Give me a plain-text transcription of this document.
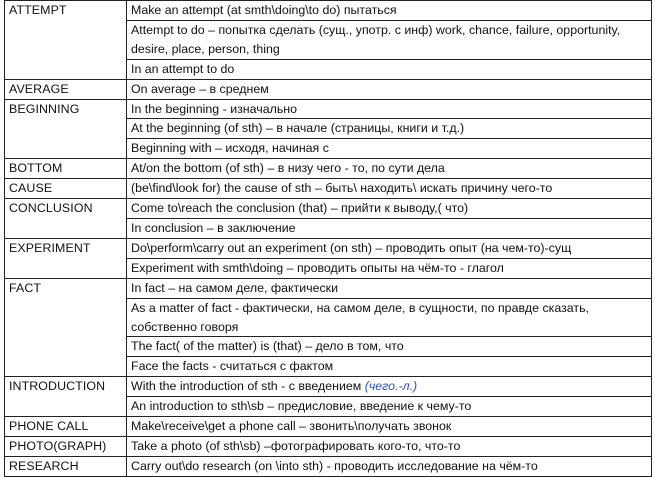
ATTEMPT	Make an attempt (at smth\doing\to do) пытаться
	Attempt to do – попытка сделать (сущ., употр. с инф) work, chance, failure, opportunity, desire, place, person, thing
	In an attempt to do
AVERAGE	On average – в среднем
BEGINNING	In the beginning - изначально
	At the beginning (of sth) – в начале (страницы, книги и т.д.)
	Beginning with – исходя, начиная с
BOTTOM	At/on the bottom (of sth) – в низу чего - то, по сути дела
CAUSE	(be\find\look for) the cause of sth – быть\ находить\ искать причину чего-то
CONCLUSION	Come to\reach the conclusion (that) – прийти к выводу,( что)
	In conclusion – в заключение
EXPERIMENT	Do\perform\carry out an experiment (on sth) – проводить опыт (на чем-то)-сущ
	Experiment with smth\doing – проводить опыты на чём-то - глагол
FACT	In fact – на самом деле, фактически
	As a matter of fact - фактически, на самом деле, в сущности, по правде сказать, собственно говоря
	The fact( of the matter) is (that) – дело в том, что
	Face the facts - считаться с фактом
INTRODUCTION	With the introduction of sth - с введением (чего.-л.)
	An introduction to sth\sb – предисловие, введение к чему-то
PHONE CALL	Make\receive\get a phone call – звонить\получать звонок
PHOTO(GRAPH)	Take a photo (of sth\sb) –фотографировать кого-то, что-то
RESEARCH	Carry out\do research (on \into sth) - проводить исследование на чём-то
